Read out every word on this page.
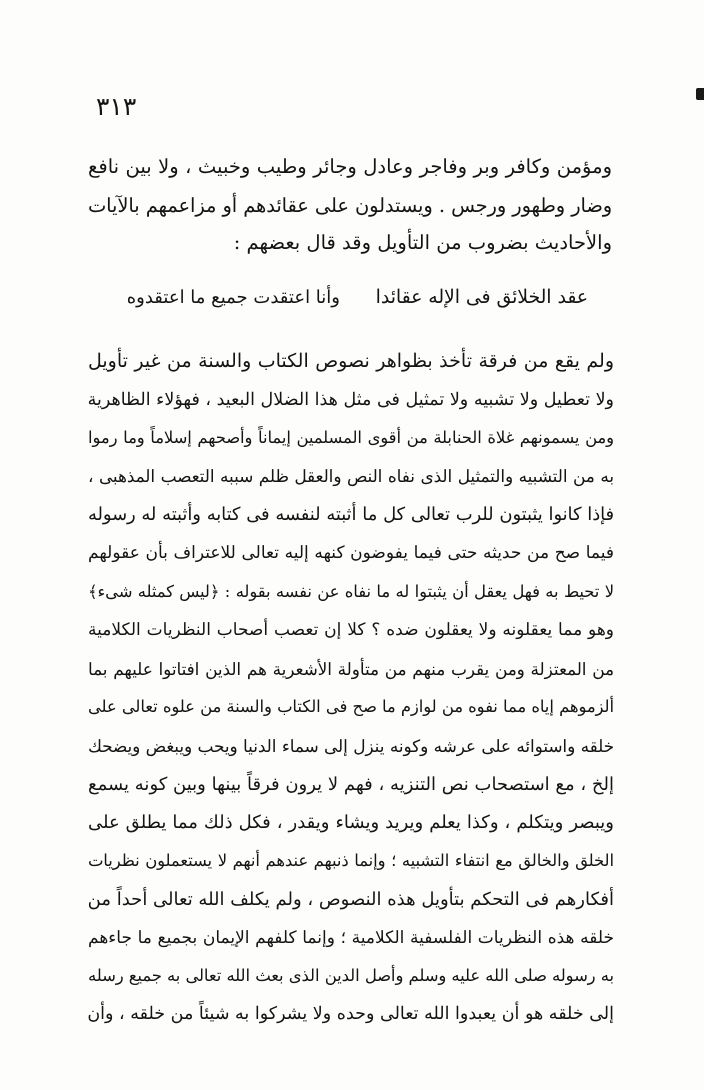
٣١٣
ومؤمن وكافر وبر وفاجر وعادل وجائر وطيب وخبيث ، ولا بين نافع
وضار وطهور ورجس . ويستدلون على عقائدهم أو مزاعمهم بالآيات
والأحاديث بضروب من التأويل وقد قال بعضهم :
عقد الخلائق فى الإله عقائدا
وأنا اعتقدت جميع ما اعتقدوه
ولم يقع من فرقة تأخذ بظواهر نصوص الكتاب والسنة من غير تأويل
ولا تعطيل ولا تشبيه ولا تمثيل فى مثل هذا الضلال البعيد ، فهؤلاء الظاهرية
ومن يسمونهم غلاة الحنابلة من أقوى المسلمين إيماناً وأصحهم إسلاماً وما رموا
به من التشبيه والتمثيل الذى نفاه النص والعقل ظلم سببه التعصب المذهبى ،
فإذا كانوا يثبتون للرب تعالى كل ما أثبته لنفسه فى كتابه وأثبته له رسوله
فيما صح من حديثه حتى فيما يفوضون كنهه إليه تعالى للاعتراف بأن عقولهم
لا تحيط به فهل يعقل أن يثبتوا له ما نفاه عن نفسه بقوله : ﴿ليس كمثله شىء﴾
وهو مما يعقلونه ولا يعقلون ضده ؟ كلا إن تعصب أصحاب النظريات الكلامية
من المعتزلة ومن يقرب منهم من متأولة الأشعرية هم الذين افتاتوا عليهم بما
ألزموهم إياه مما نفوه من لوازم ما صح فى الكتاب والسنة من علوه تعالى على
خلقه واستوائه على عرشه وكونه ينزل إلى سماء الدنيا ويحب ويبغض ويضحك
إلخ ، مع استصحاب نص التنزيه ، فهم لا يرون فرقاً بينها وبين كونه يسمع
ويبصر ويتكلم ، وكذا يعلم ويريد ويشاء ويقدر ، فكل ذلك مما يطلق على
الخلق والخالق مع انتفاء التشبيه ؛ وإنما ذنبهم عندهم أنهم لا يستعملون نظريات
أفكارهم فى التحكم بتأويل هذه النصوص ، ولم يكلف الله تعالى أحداً من
خلقه هذه النظريات الفلسفية الكلامية ؛ وإنما كلفهم الإيمان بجميع ما جاءهم
به رسوله صلى الله عليه وسلم وأصل الدين الذى بعث الله تعالى به جميع رسله
إلى خلقه هو أن يعبدوا الله تعالى وحده ولا يشركوا به شيئاً من خلقه ، وأن
